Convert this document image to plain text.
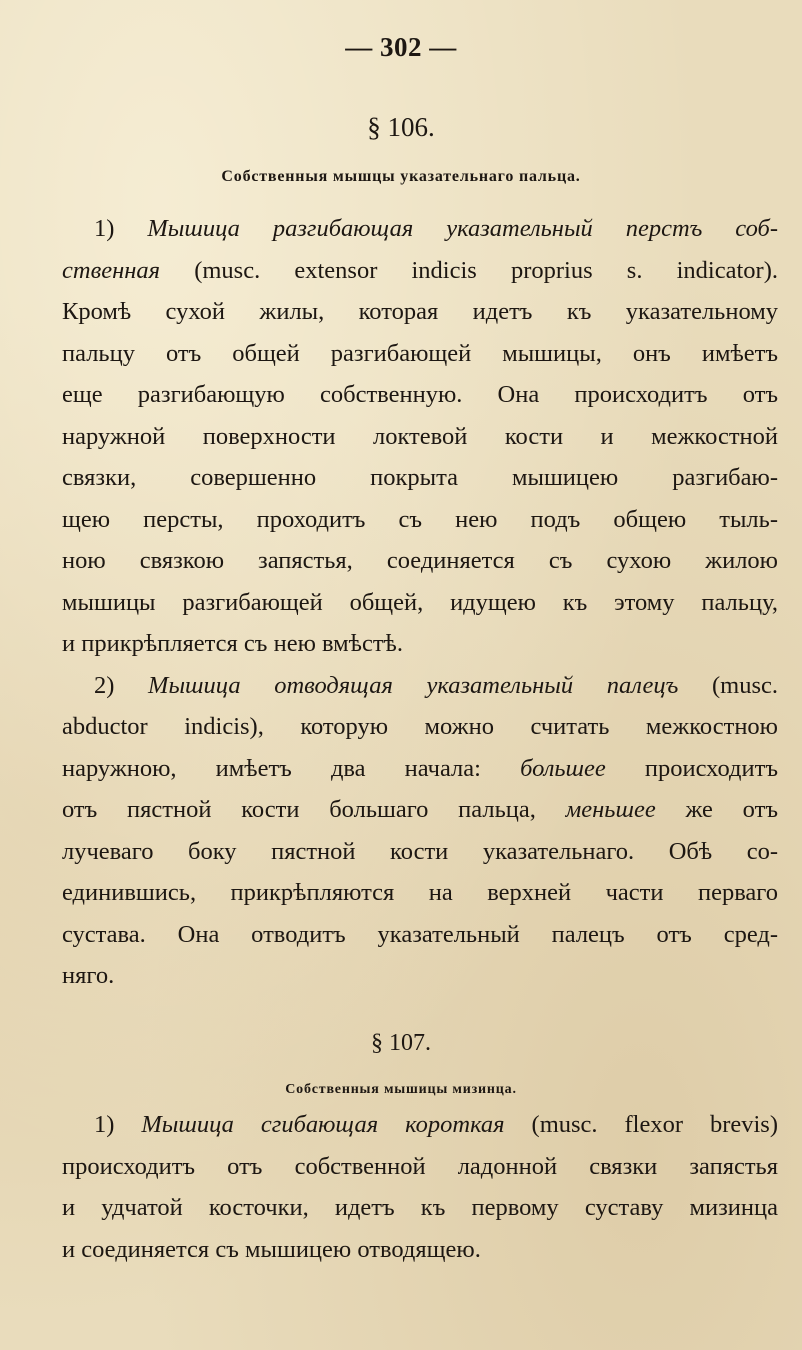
— 302 —
§ 106.
Собственныя мышцы указательнаго пальца.
1) Мышица разгибающая указательный перстъ соб-
ственная (musc. extensor indicis proprius s. indicator).
Кромѣ сухой жилы, которая идетъ къ указательному
пальцу отъ общей разгибающей мышицы, онъ имѣетъ
еще разгибающую собственную. Она происходитъ отъ
наружной поверхности локтевой кости и межкостной
связки, совершенно покрыта мышицею разгибаю-
щею персты, проходитъ съ нею подъ общею тыль-
ною связкою запястья, соединяется съ сухою жилою
мышицы разгибающей общей, идущею къ этому пальцу,
и прикрѣпляется съ нею вмѣстѣ.
2) Мышица отводящая указательный палецъ (musc.
abductor indicis), которую можно считать межкостною
наружною, имѣетъ два начала: большее происходитъ
отъ пястной кости большаго пальца, меньшее же отъ
лучеваго боку пястной кости указательнаго. Обѣ со-
единившись, прикрѣпляются на верхней части перваго
сустава. Она отводитъ указательный палецъ отъ сред-
няго.
§ 107.
Собственныя мышицы мизинца.
1) Мышица сгибающая короткая (musc. flexor brevis)
происходитъ отъ собственной ладонной связки запястья
и удчатой косточки, идетъ къ первому суставу мизинца
и соединяется съ мышицею отводящею.
